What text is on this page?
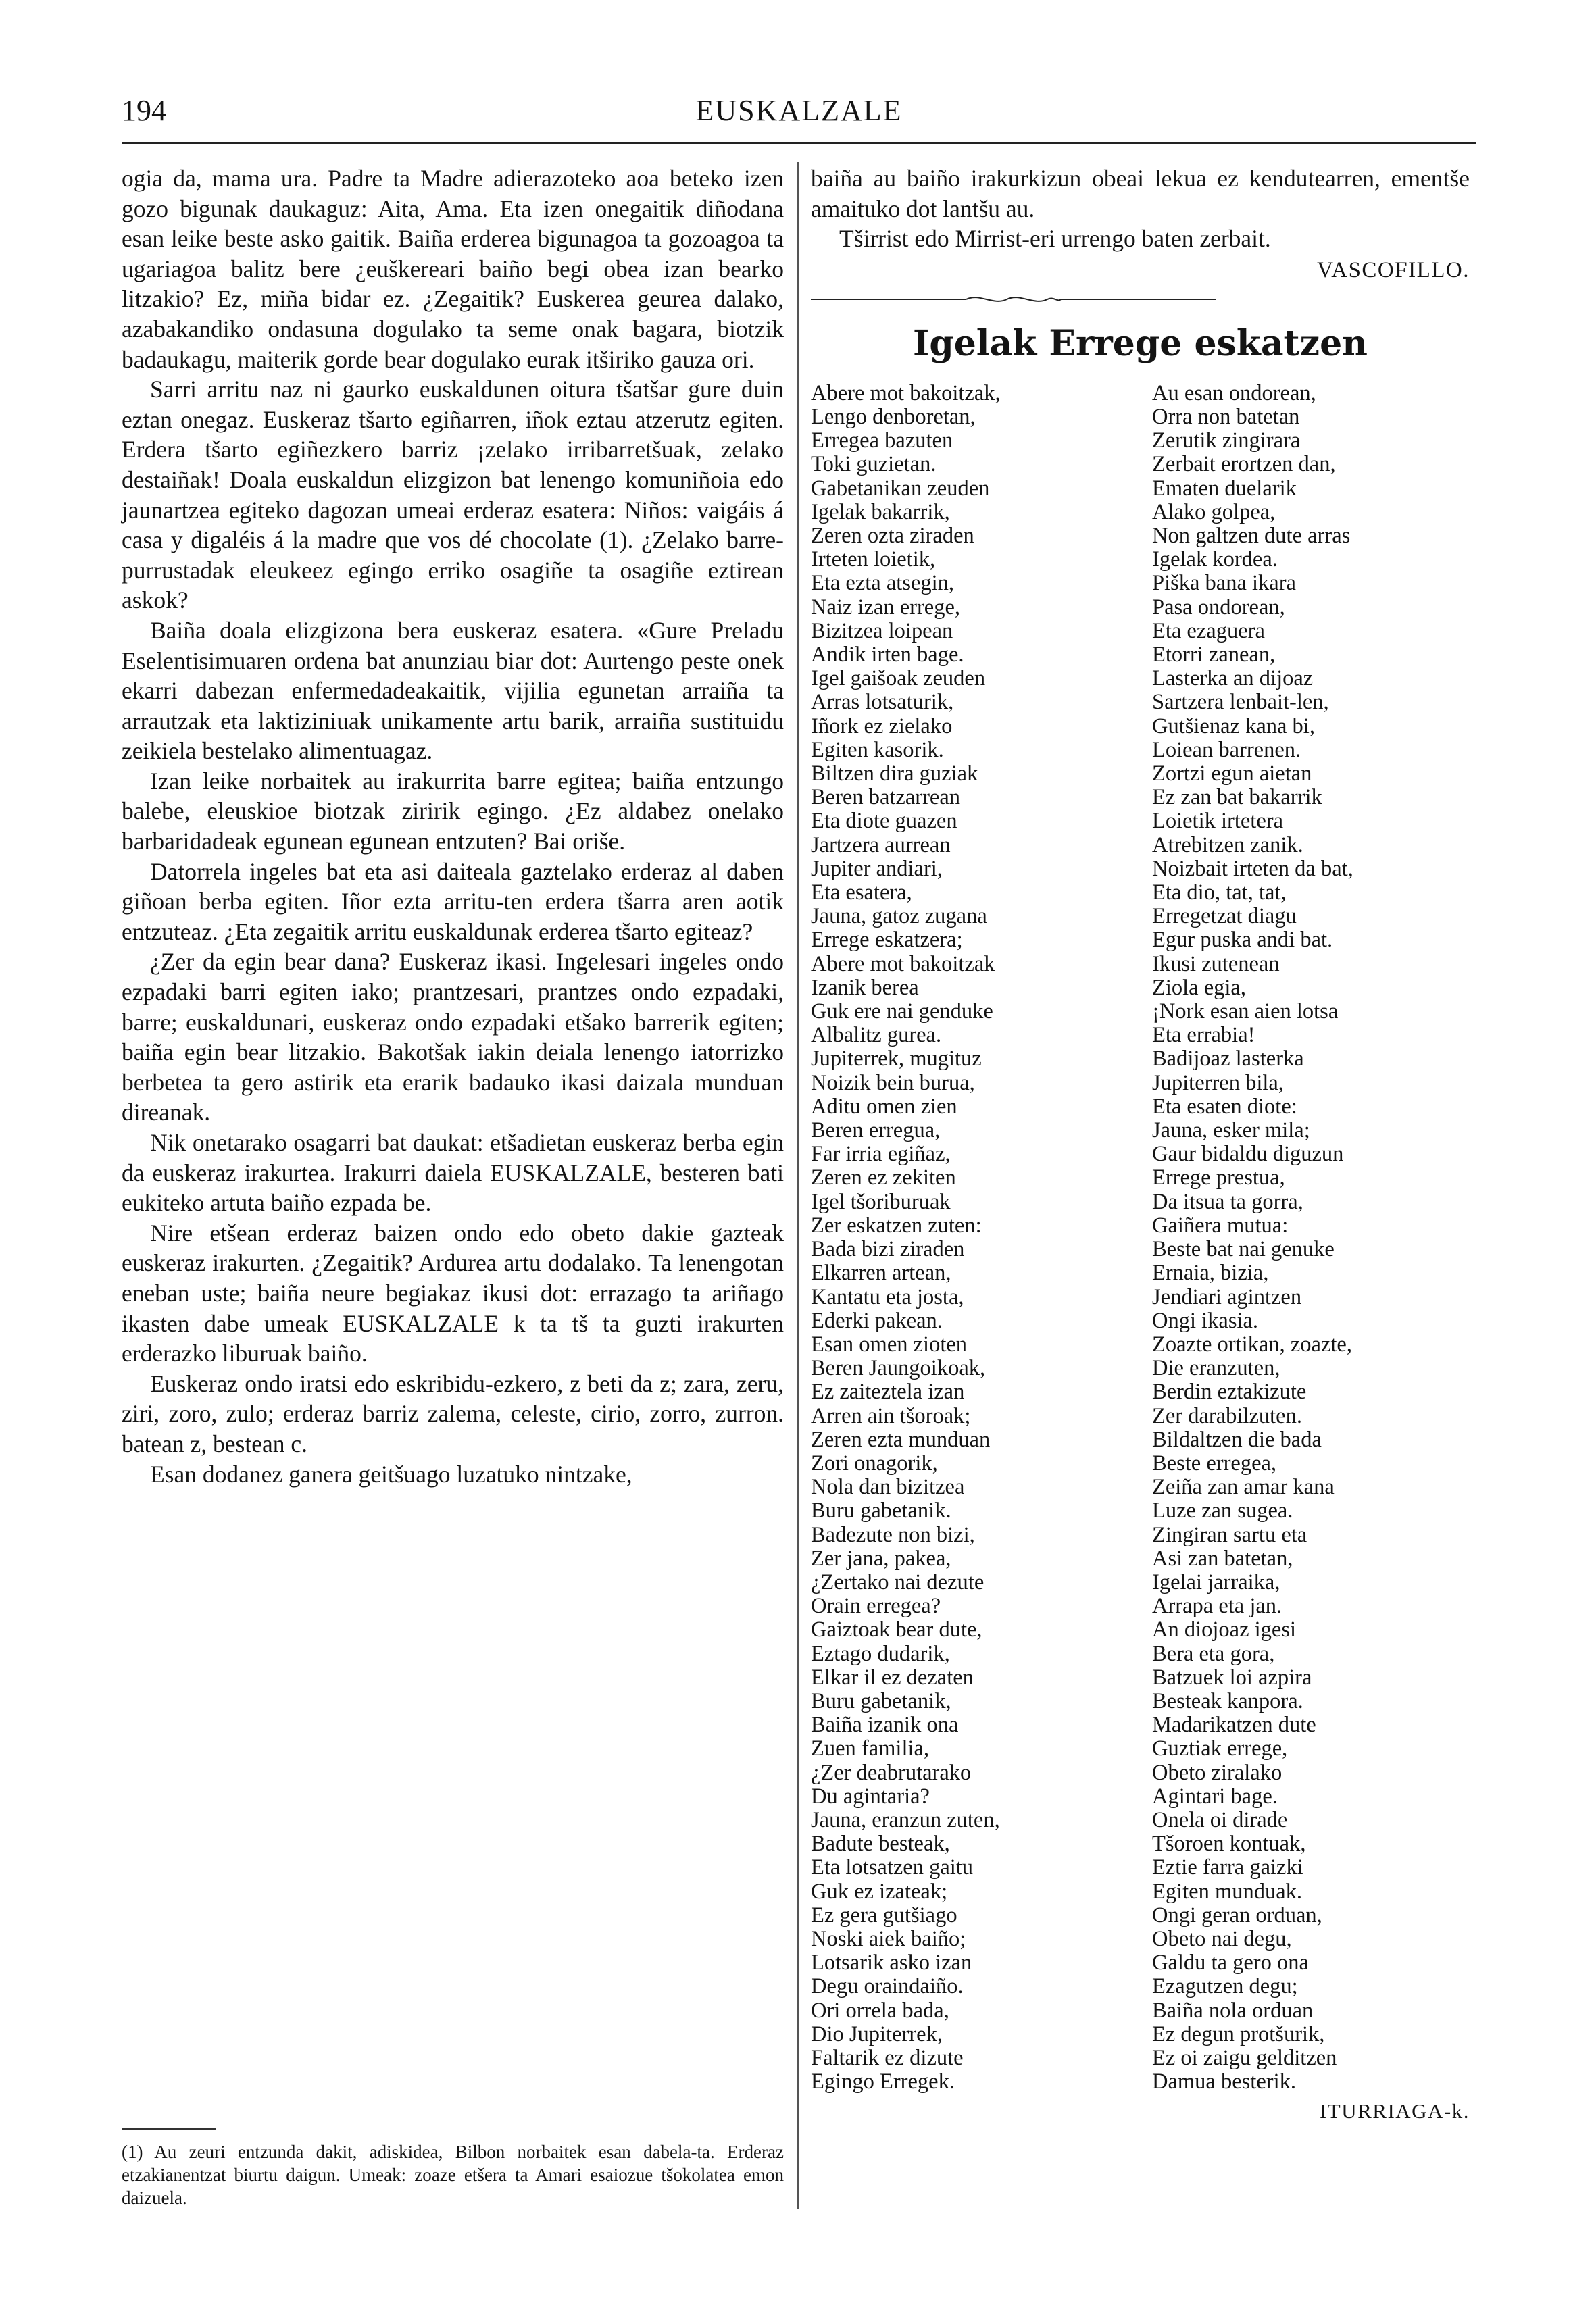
194	EUSKALZALE

ogia da, mama ura. Padre ta Madre adierazoteko aoa beteko izen gozo bigunak daukaguz: Aita, Ama. Eta izen onegaitik diñodana esan leike beste asko gaitik. Baiña erderea bigunagoa ta gozoagoa ta ugariagoa balitz bere ¿euškereari baiño begi obea izan bearko litzakio? Ez, miña bidar ez. ¿Zegaitik? Euskerea geurea dalako, azabakandiko ondasuna dogulako ta seme onak bagara, biotzik badaukagu, maiterik gorde bear dogulako eurak itširiko gauza ori.

Sarri arritu naz ni gaurko euskaldunen oitura tšatšar gure duin eztan onegaz. Euskeraz tšarto egiñarren, iñok eztau atzerutz egiten. Erdera tšarto egiñezkero barriz ¡zelako irribarretšuak, zelako destaiñak! Doala euskaldun elizgizon bat lenengo komuniñoia edo jaunartzea egiteko dagozan umeai erderaz esatera: Niños: vaigáis á casa y digaléis á la madre que vos dé chocolate (1). ¿Zelako barre-purrustadak eleukeez egingo erriko osagiñe ta osagiñe eztirean askok?

Baiña doala elizgizona bera euskeraz esatera. «Gure Preladu Eselentisimuaren ordena bat anunziau biar dot: Aurtengo peste onek ekarri dabezan enfermedadeakaitik, vijilia egunetan arraiña ta arrautzak eta laktiziniuak unikamente artu barik, arraiña sustituidu zeikiela bestelako alimentuagaz.

Izan leike norbaitek au irakurrita barre egitea; baiña entzungo balebe, eleuskioe biotzak ziririk egingo. ¿Ez aldabez onelako barbaridadeak egunean egunean entzuten? Bai oriše.

Datorrela ingeles bat eta asi daiteala gaztelako erderaz al daben giñoan berba egiten. Iñor ezta arritu-ten erdera tšarra aren aotik entzuteaz. ¿Eta zegaitik arritu euskaldunak erderea tšarto egiteaz?

¿Zer da egin bear dana? Euskeraz ikasi. Ingelesari ingeles ondo ezpadaki barri egiten iako; prantzesari, prantzes ondo ezpadaki, barre; euskaldunari, euskeraz ondo ezpadaki etšako barrerik egiten; baiña egin bear litzakio. Bakotšak iakin deiala lenengo iatorrizko berbetea ta gero astirik eta erarik badauko ikasi daizala munduan direanak.

Nik onetarako osagarri bat daukat: etšadietan euskeraz berba egin da euskeraz irakurtea. Irakurri daiela EUSKALZALE, besteren bati eukiteko artuta baiño ezpada be.

Nire etšean erderaz baizen ondo edo obeto dakie gazteak euskeraz irakurten. ¿Zegaitik? Ardurea artu dodalako. Ta lenengotan eneban uste; baiña neure begiakaz ikusi dot: errazago ta ariñago ikasten dabe umeak EUSKALZALE k ta tš ta guzti irakurten erderazko liburuak baiño.

Euskeraz ondo iratsi edo eskribidu-ezkero, z beti da z; zara, zeru, ziri, zoro, zulo; erderaz barriz zalema, celeste, cirio, zorro, zurron. batean z, bestean c.

Esan dodanez ganera geitšuago luzatuko nintzake,

baiña au baiño irakurkizun obeai lekua ez kendutearren, ementše amaituko dot lantšu au.

Tširrist edo Mirrist-eri urrengo baten zerbait.

VASCOFILLO.
Igelak Errege eskatzen
Abere mot bakoitzak,
Lengo denboretan,
Erregea bazuten
Toki guzietan.
Gabetanikan zeuden
Igelak bakarrik,
Zeren ozta ziraden
Irteten loietik,
Eta ezta atsegin,
Naiz izan errege,
Bizitzea loipean
Andik irten bage.
Igel gaišoak zeuden
Arras lotsaturik,
Iñork ez zielako
Egiten kasorik.
Biltzen dira guziak
Beren batzarrean
Eta diote guazen
Jartzera aurrean
Jupiter andiari,
Eta esatera,
Jauna, gatoz zugana
Errege eskatzera;
Abere mot bakoitzak
Izanik berea
Guk ere nai genduke
Albalitz gurea.
Jupiterrek, mugituz
Noizik bein burua,
Aditu omen zien
Beren erregua,
Far irria egiñaz,
Zeren ez zekiten
Igel tšoriburuak
Zer eskatzen zuten:
Bada bizi ziraden
Elkarren artean,
Kantatu eta josta,
Ederki pakean.
Esan omen zioten
Beren Jaungoikoak,
Ez zaiteztela izan
Arren ain tšoroak;
Zeren ezta munduan
Zori onagorik,
Nola dan bizitzea
Buru gabetanik.
Badezute non bizi,
Zer jana, pakea,
¿Zertako nai dezute
Orain erregea?
Gaiztoak bear dute,
Eztago dudarik,
Elkar il ez dezaten
Buru gabetanik,
Baiña izanik ona
Zuen familia,
¿Zer deabrutarako
Du agintaria?
Jauna, eranzun zuten,
Badute besteak,
Eta lotsatzen gaitu
Guk ez izateak;
Ez gera gutšiago
Noski aiek baiño;
Lotsarik asko izan
Degu oraindaiño.
Ori orrela bada,
Dio Jupiterrek,
Faltarik ez dizute
Egingo Erregek.
Au esan ondorean,
Orra non batetan
Zerutik zingirara
Zerbait erortzen dan,
Ematen duelarik
Alako golpea,
Non galtzen dute arras
Igelak kordea.
Piška bana ikara
Pasa ondorean,
Eta ezaguera
Etorri zanean,
Lasterka an dijoaz
Sartzera lenbait-len,
Gutšienaz kana bi,
Loiean barrenen.
Zortzi egun aietan
Ez zan bat bakarrik
Loietik irtetera
Atrebitzen zanik.
Noizbait irteten da bat,
Eta dio, tat, tat,
Erregetzat diagu
Egur puska andi bat.
Ikusi zutenean
Ziola egia,
¡Nork esan aien lotsa
Eta errabia!
Badijoaz lasterka
Jupiterren bila,
Eta esaten diote:
Jauna, esker mila;
Gaur bidaldu diguzun
Errege prestua,
Da itsua ta gorra,
Gaiñera mutua:
Beste bat nai genuke
Ernaia, bizia,
Jendiari agintzen
Ongi ikasia.
Zoazte ortikan, zoazte,
Die eranzuten,
Berdin eztakizute
Zer darabilzuten.
Bildaltzen die bada
Beste erregea,
Zeiña zan amar kana
Luze zan sugea.
Zingiran sartu eta
Asi zan batetan,
Igelai jarraika,
Arrapa eta jan.
An diojoaz igesi
Bera eta gora,
Batzuek loi azpira
Besteak kanpora.
Madarikatzen dute
Guztiak errege,
Obeto ziralako
Agintari bage.
Onela oi dirade
Tšoroen kontuak,
Eztie farra gaizki
Egiten munduak.
Ongi geran orduan,
Obeto nai degu,
Galdu ta gero ona
Ezagutzen degu;
Baiña nola orduan
Ez degun protšurik,
Ez oi zaigu gelditzen
Damua besterik.
ITURRIAGA-k.
(1) Au zeuri entzunda dakit, adiskidea, Bilbon norbaitek esan dabela-ta. Erderaz etzakianentzat biurtu daigun. Umeak: zoaze etšera ta Amari esaiozue tšokolatea emon daizuela.
